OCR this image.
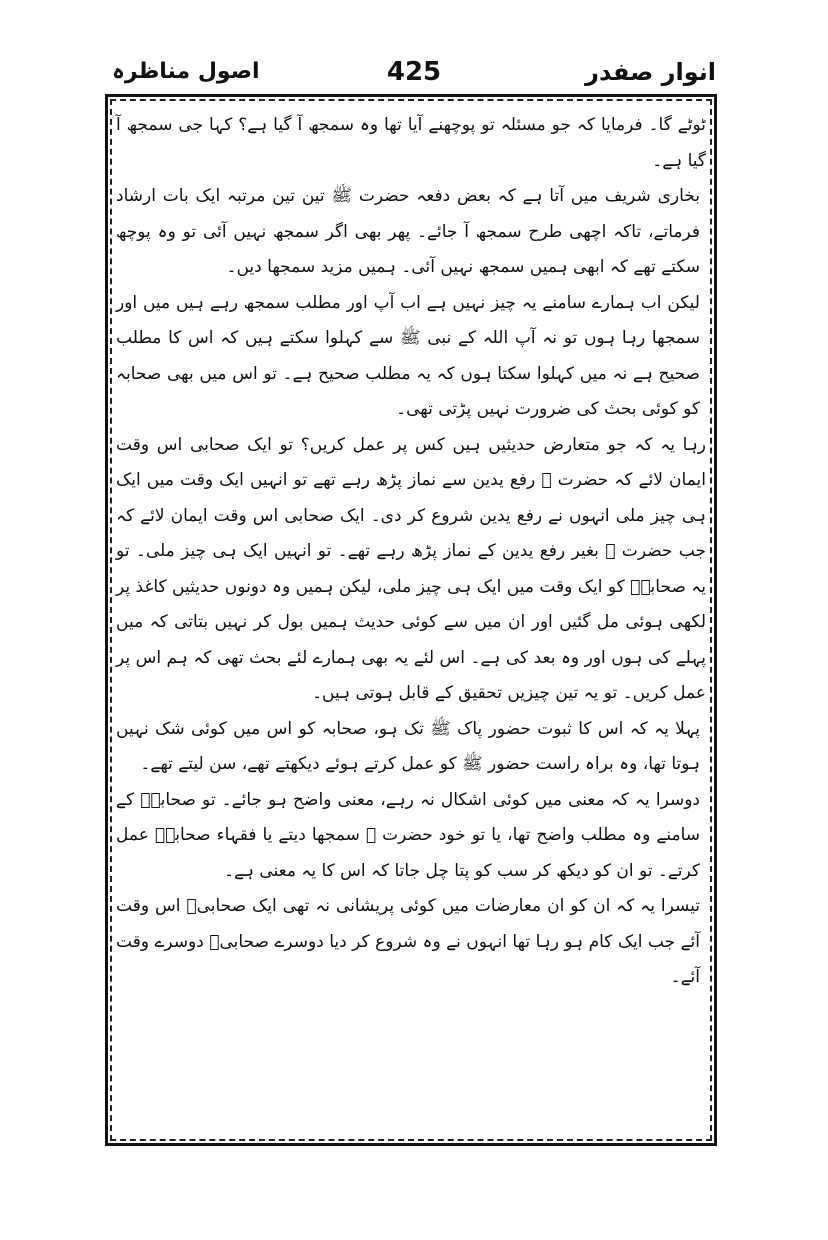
انوار صفدر
425
اصول مناظرہ

ٹوٹے گا۔ فرمایا کہ جو مسئلہ تو پوچھنے آیا تھا وہ سمجھ آ گیا ہے؟ کہا جی سمجھ آ گیا ہے۔

بخاری شریف میں آتا ہے کہ بعض دفعہ حضرت ﷺ تین تین مرتبہ ایک بات ارشاد فرماتے، تاکہ اچھی طرح سمجھ آ جائے۔ پھر بھی اگر سمجھ نہیں آئی تو وہ پوچھ سکتے تھے کہ ابھی ہمیں سمجھ نہیں آئی۔ ہمیں مزید سمجھا دیں۔

لیکن اب ہمارے سامنے یہ چیز نہیں ہے اب آپ اور مطلب سمجھ رہے ہیں میں اور سمجھا رہا ہوں تو نہ آپ اللہ کے نبی ﷺ سے کہلوا سکتے ہیں کہ اس کا مطلب صحیح ہے نہ میں کہلوا سکتا ہوں کہ یہ مطلب صحیح ہے۔ تو اس میں بھی صحابہ کو کوئی بحث کی ضرورت نہیں پڑتی تھی۔

رہا یہ کہ جو متعارض حدیثیں ہیں کس پر عمل کریں؟ تو ایک صحابی اس وقت ایمان لائے کہ حضرت ﷺ رفع یدین سے نماز پڑھ رہے تھے تو انہیں ایک وقت میں ایک ہی چیز ملی انہوں نے رفع یدین شروع کر دی۔ ایک صحابی اس وقت ایمان لائے کہ جب حضرت ﷺ بغیر رفع یدین کے نماز پڑھ رہے تھے۔ تو انہیں ایک ہی چیز ملی۔ تو یہ صحابہؓ کو ایک وقت میں ایک ہی چیز ملی، لیکن ہمیں وہ دونوں حدیثیں کاغذ پر لکھی ہوئی مل گئیں اور ان میں سے کوئی حدیث ہمیں بول کر نہیں بتاتی کہ میں پہلے کی ہوں اور وہ بعد کی ہے۔ اس لئے یہ بھی ہمارے لئے بحث تھی کہ ہم اس پر عمل کریں۔ تو یہ تین چیزیں تحقیق کے قابل ہوتی ہیں۔

پہلا یہ کہ اس کا ثبوت حضور پاک ﷺ تک ہو، صحابہ کو اس میں کوئی شک نہیں ہوتا تھا، وہ براہ راست حضور ﷺ کو عمل کرتے ہوئے دیکھتے تھے، سن لیتے تھے۔

دوسرا یہ کہ معنی میں کوئی اشکال نہ رہے، معنی واضح ہو جائے۔ تو صحابہؓ کے سامنے وہ مطلب واضح تھا، یا تو خود حضرت ﷺ سمجھا دیتے یا فقہاء صحابہؓ عمل کرتے۔ تو ان کو دیکھ کر سب کو پتا چل جاتا کہ اس کا یہ معنی ہے۔

تیسرا یہ کہ ان کو ان معارضات میں کوئی پریشانی نہ تھی ایک صحابیؓ اس وقت آئے جب ایک کام ہو رہا تھا انہوں نے وہ شروع کر دیا دوسرے صحابیؓ دوسرے وقت آئے۔
